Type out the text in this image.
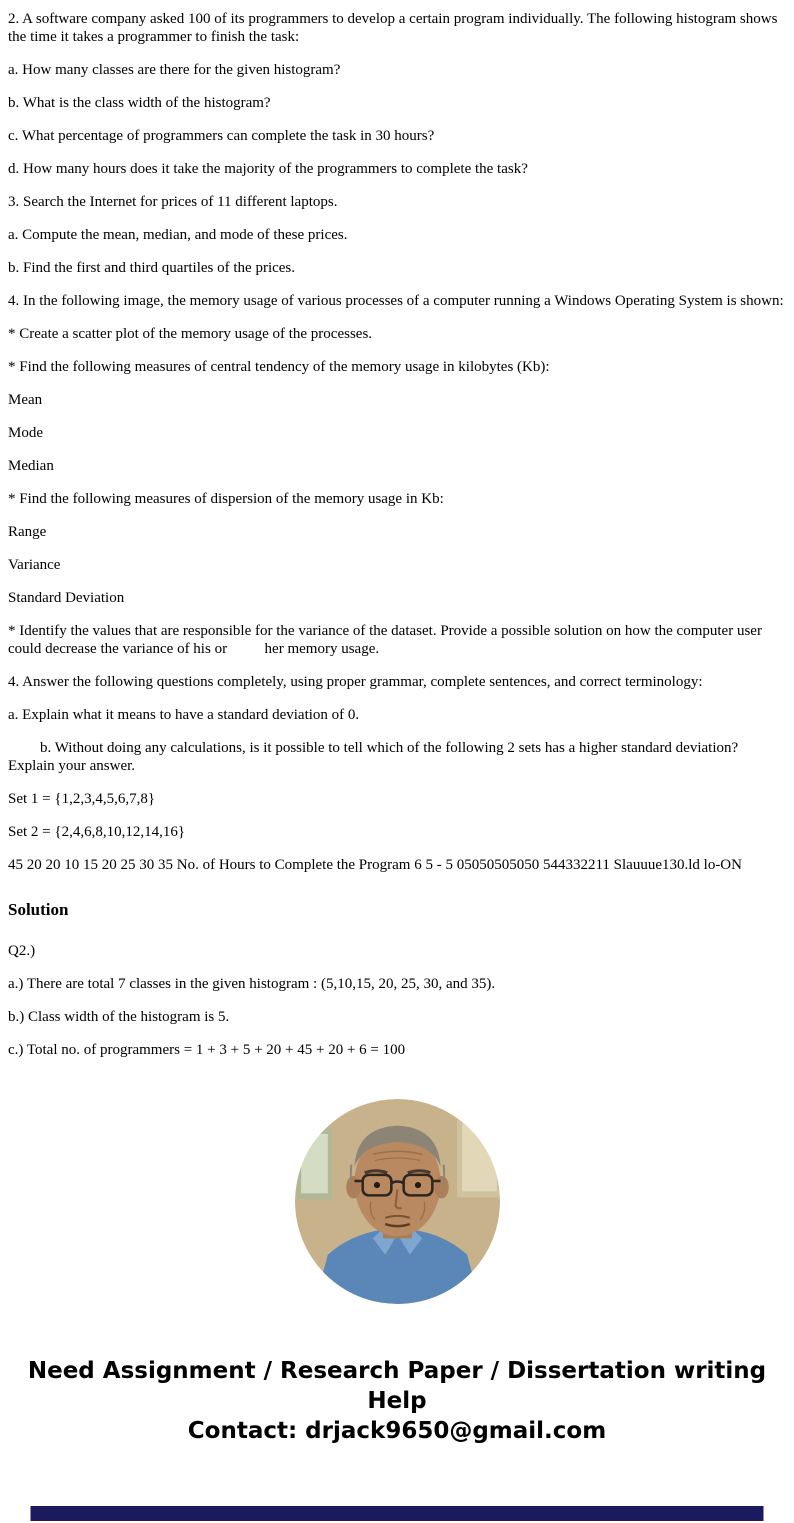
2. A software company asked 100 of its programmers to develop a certain program individually. The following histogram shows the time it takes a programmer to finish the task:

a. How many classes are there for the given histogram?

b. What is the class width of the histogram?

c. What percentage of programmers can complete the task in 30 hours?

d. How many hours does it take the majority of the programmers to complete the task?

3. Search the Internet for prices of 11 different laptops.

a. Compute the mean, median, and mode of these prices.

b. Find the first and third quartiles of the prices.

4. In the following image, the memory usage of various processes of a computer running a Windows Operating System is shown:

* Create a scatter plot of the memory usage of the processes.

* Find the following measures of central tendency of the memory usage in kilobytes (Kb):

Mean

Mode

Median

* Find the following measures of dispersion of the memory usage in Kb:

Range

Variance

Standard Deviation

* Identify the values that are responsible for the variance of the dataset. Provide a possible solution on how the computer user could decrease the variance of his or          her memory usage.

4. Answer the following questions completely, using proper grammar, complete sentences, and correct terminology:

a. Explain what it means to have a standard deviation of 0.

b. Without doing any calculations, is it possible to tell which of the following 2 sets has a higher standard deviation? Explain your answer.

Set 1 = {1,2,3,4,5,6,7,8}

Set 2 = {2,4,6,8,10,12,14,16}

45 20 20 10 15 20 25 30 35 No. of Hours to Complete the Program 6 5 - 5 05050505050 544332211 Slauuue130.ld lo-ON

Solution

Q2.)

a.) There are total 7 classes in the given histogram : (5,10,15, 20, 25, 30, and 35).

b.) Class width of the histogram is 5.

c.) Total no. of programmers = 1 + 3 + 5 + 20 + 45 + 20 + 6 = 100

Need Assignment / Research Paper / Dissertation writing Help
Contact: drjack9650@gmail.com
